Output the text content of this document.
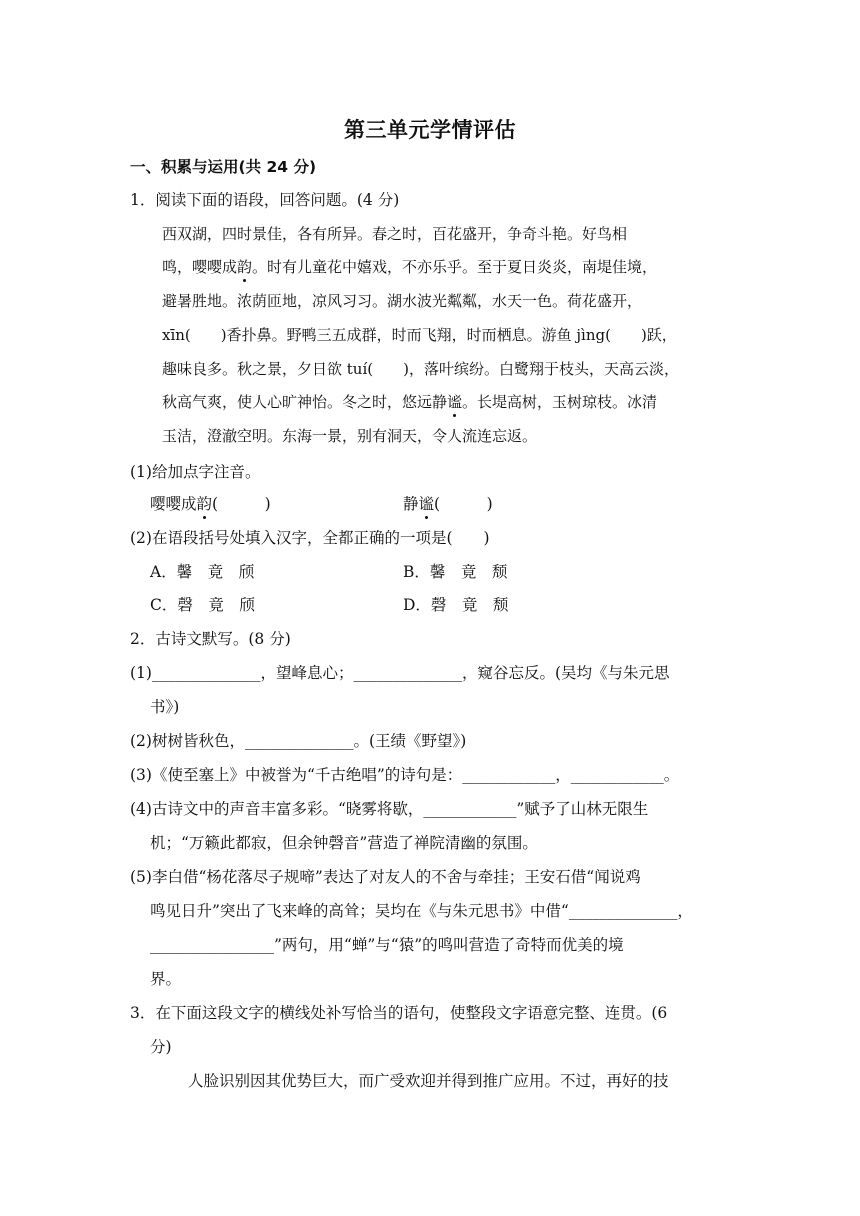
第三单元学情评估
一、积累与运用(共 24 分)
1．阅读下面的语段，回答问题。(4 分)
西双湖，四时景佳，各有所异。春之时，百花盛开，争奇斗艳。好鸟相
鸣，嘤嘤成韵。时有儿童花中嬉戏，不亦乐乎。至于夏日炎炎，南堤佳境，
避暑胜地。浓荫匝地，凉风习习。湖水波光粼粼，水天一色。荷花盛开，
xīn(　　)香扑鼻。野鸭三五成群，时而飞翔，时而栖息。游鱼 jìng(　　)跃，
趣味良多。秋之景，夕日欲 tuí(　　)，落叶缤纷。白鹭翔于枝头，天高云淡，
秋高气爽，使人心旷神怡。冬之时，悠远静谧。长堤高树，玉树琼枝。冰清
玉洁，澄澈空明。东海一景，别有洞天，令人流连忘返。
(1)给加点字注音。
嘤嘤成韵(　　　)	静谧(　　　)
(2)在语段括号处填入汉字，全都正确的一项是(　　)
A．馨　竟　颀	B．馨　竟　颓
C．磬　竟　颀	D．磬　竟　颓
2．古诗文默写。(8 分)
(1)______________，望峰息心；______________，窥谷忘反。(吴均《与朱元思
书》)
(2)树树皆秋色，______________。(王绩《野望》)
(3)《使至塞上》中被誉为“千古绝唱”的诗句是：____________，____________。
(4)古诗文中的声音丰富多彩。“晓雾将歇，____________”赋予了山林无限生
机；“万籁此都寂，但余钟磬音”营造了禅院清幽的氛围。
(5)李白借“杨花落尽子规啼”表达了对友人的不舍与牵挂；王安石借“闻说鸡
鸣见日升”突出了飞来峰的高耸；吴均在《与朱元思书》中借“______________，
________________”两句，用“蝉”与“猿”的鸣叫营造了奇特而优美的境
界。
3．在下面这段文字的横线处补写恰当的语句，使整段文字语意完整、连贯。(6
分)
人脸识别因其优势巨大，而广受欢迎并得到推广应用。不过，再好的技
